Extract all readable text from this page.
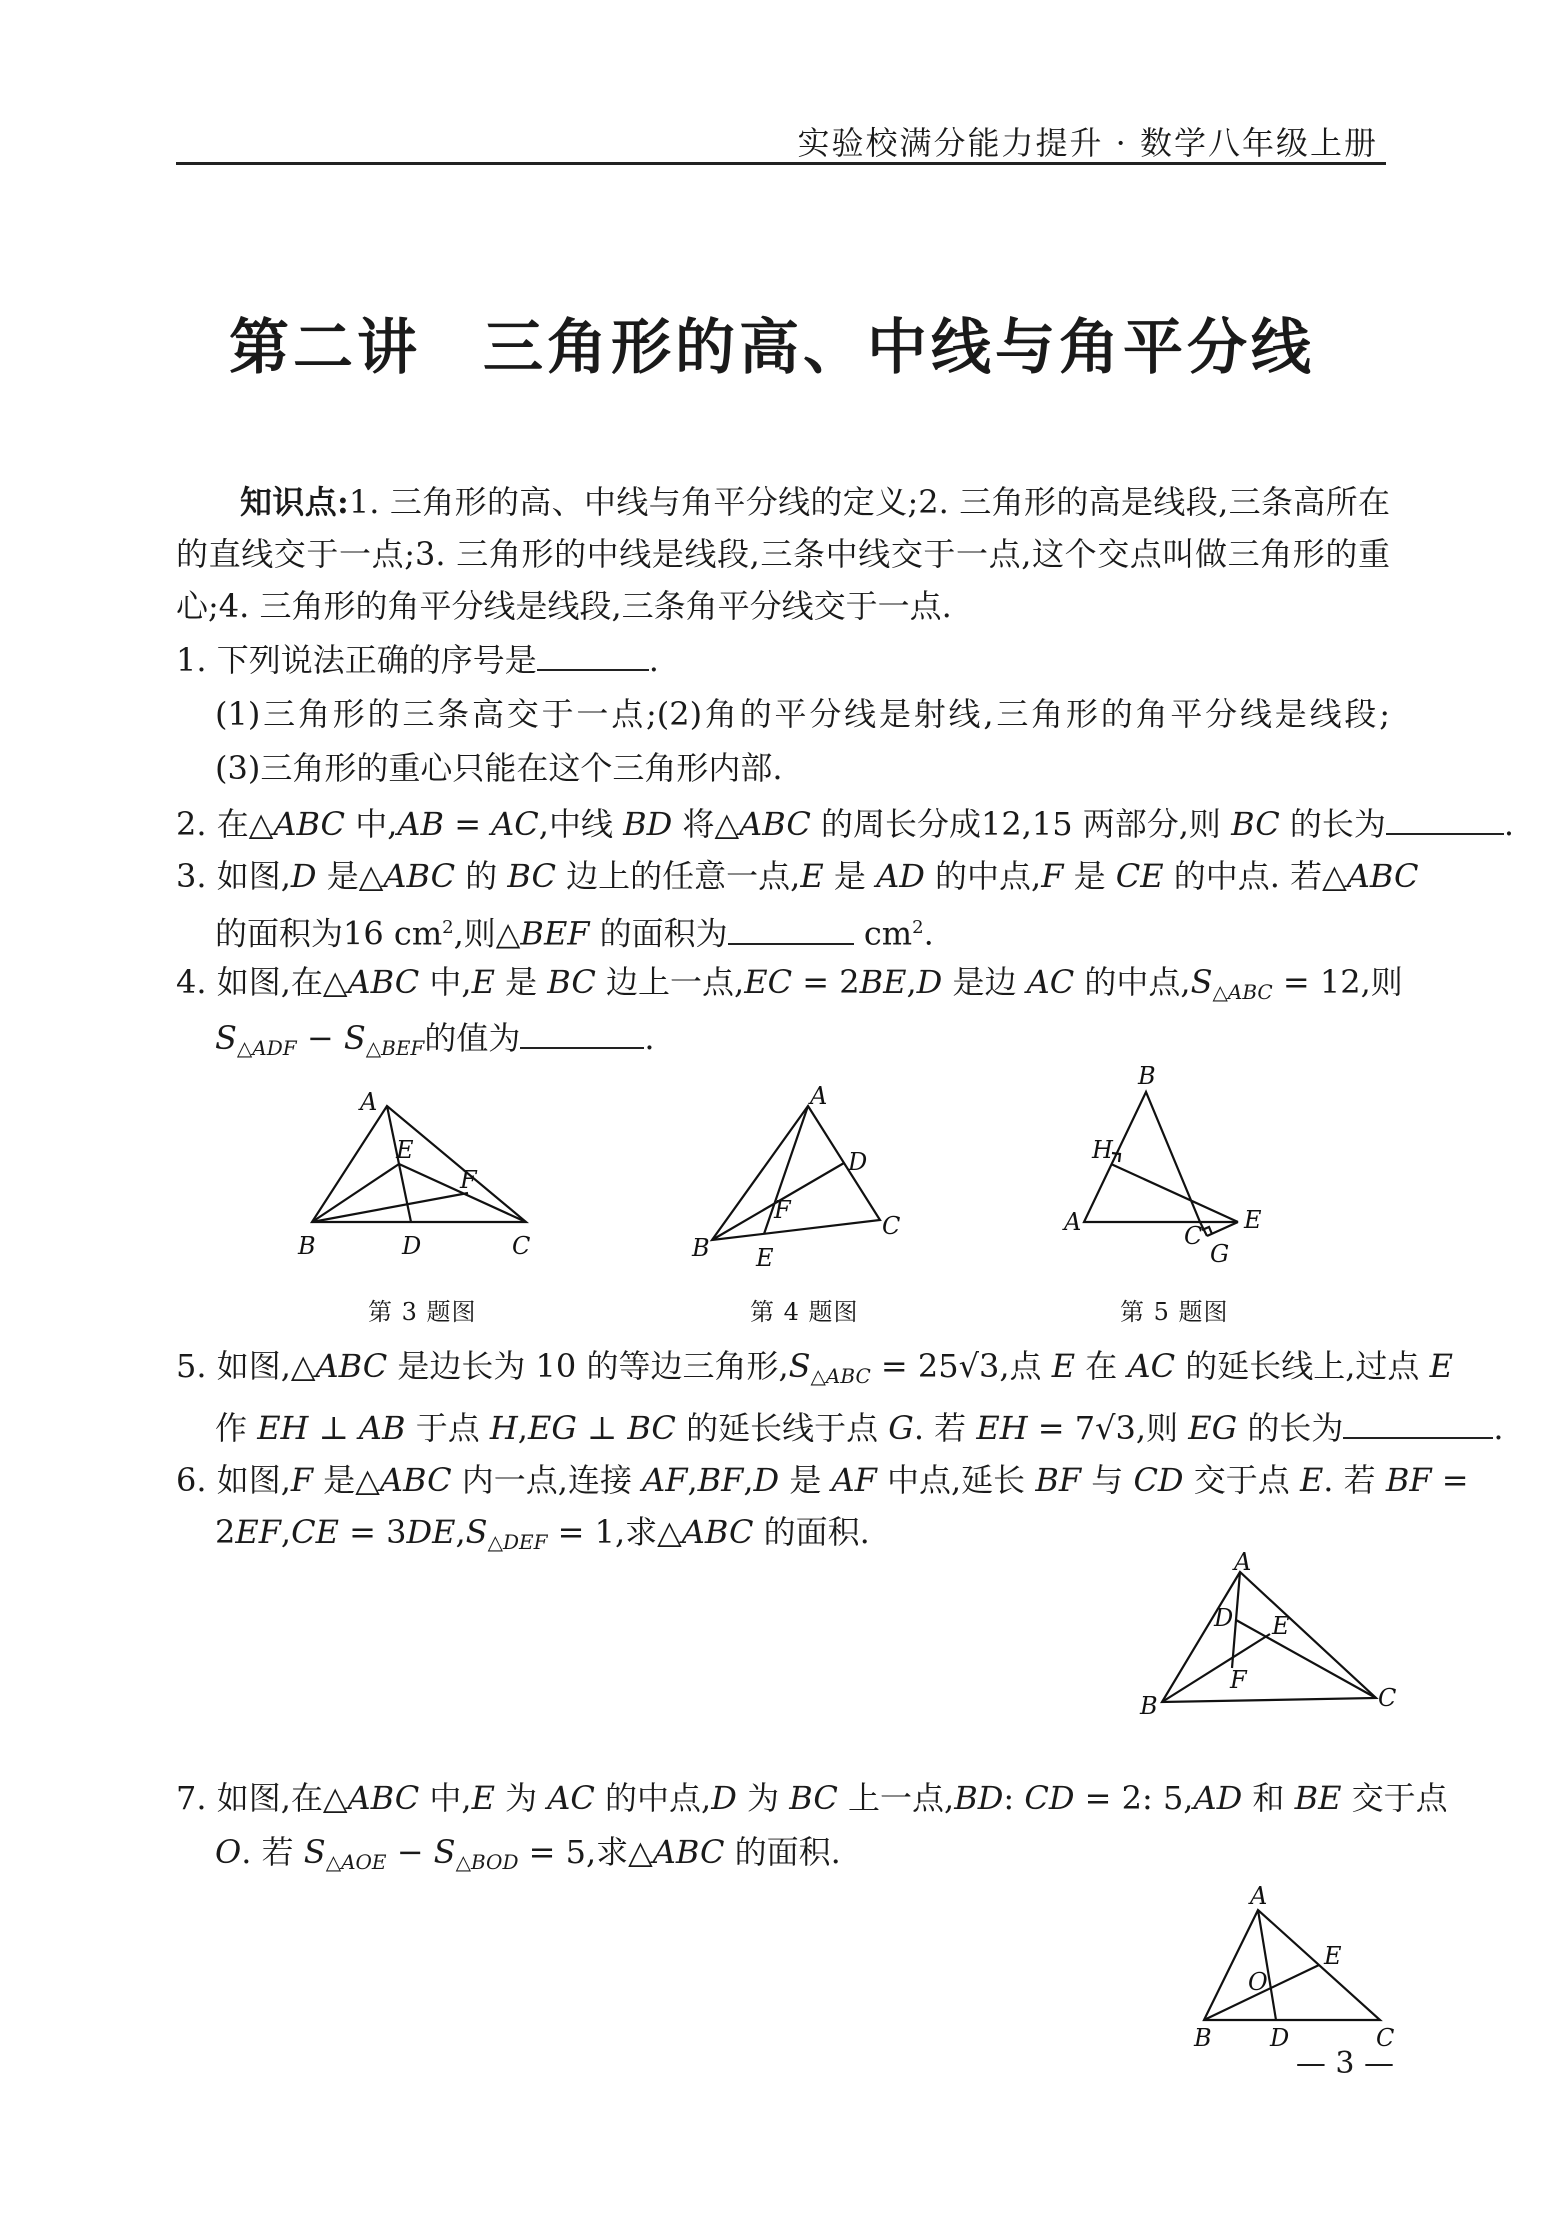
实验校满分能力提升 · 数学八年级上册
第二讲 三角形的高、中线与角平分线
知识点:1. 三角形的高、中线与角平分线的定义;2. 三角形的高是线段,三条高所在
的直线交于一点;3. 三角形的中线是线段,三条中线交于一点,这个交点叫做三角形的重
心;4. 三角形的角平分线是线段,三条角平分线交于一点.
1. 下列说法正确的序号是	.
(1)三角形的三条高交于一点;(2)角的平分线是射线,三角形的角平分线是线段;
(3)三角形的重心只能在这个三角形内部.
2. 在△ABC 中,AB = AC,中线 BD 将△ABC 的周长分成12,15 两部分,则 BC 的长为	.
3. 如图,D 是△ABC 的 BC 边上的任意一点,E 是 AD 的中点,F 是 CE 的中点. 若△ABC
的面积为16 $cm^2$,则△BEF 的面积为	$cm^2$.
4. 如图,在△ABC 中,E 是 BC 边上一点,EC = 2BE,D 是边 AC 的中点$,S_{\triangle ABC} = 12$,则
$S_{\triangle ADF} - S_{\triangle BEF}$的值为	.
A
E
F
B	D	C
第 3 题图
A
D
F
C
B E
第 4 题图
B
H
A	C
E
G
第 5 题图
5. 如图,△ABC 是边长为 10 的等边三角形$,S_{\triangle ABC} = 25√3$,点 E 在 AC 的延长线上,过点 E
作 EH ⊥ AB 于点 H,EG ⊥ BC 的延长线于点 G. 若 EH = 7√3,则 EG 的长为	.
6. 如图,F 是△ABC 内一点,连接 AF,BF,D 是 AF 中点,延长 BF 与 CD 交于点 E. 若 BF =
$2EF,CE = 3DE,S_{\triangle DEF} = 1$,求△ABC 的面积.
A
D E
F
B	C
7. 如图,在△ABC 中,E 为 AC 的中点,D 为 BC 上一点,BD: CD = 2: 5,AD 和 BE 交于点
O. 若 $S_{\triangle AOE} - S_{\triangle BOD} = 5$,求△ABC 的面积.
A
E
O
B D	C
— 3 —
